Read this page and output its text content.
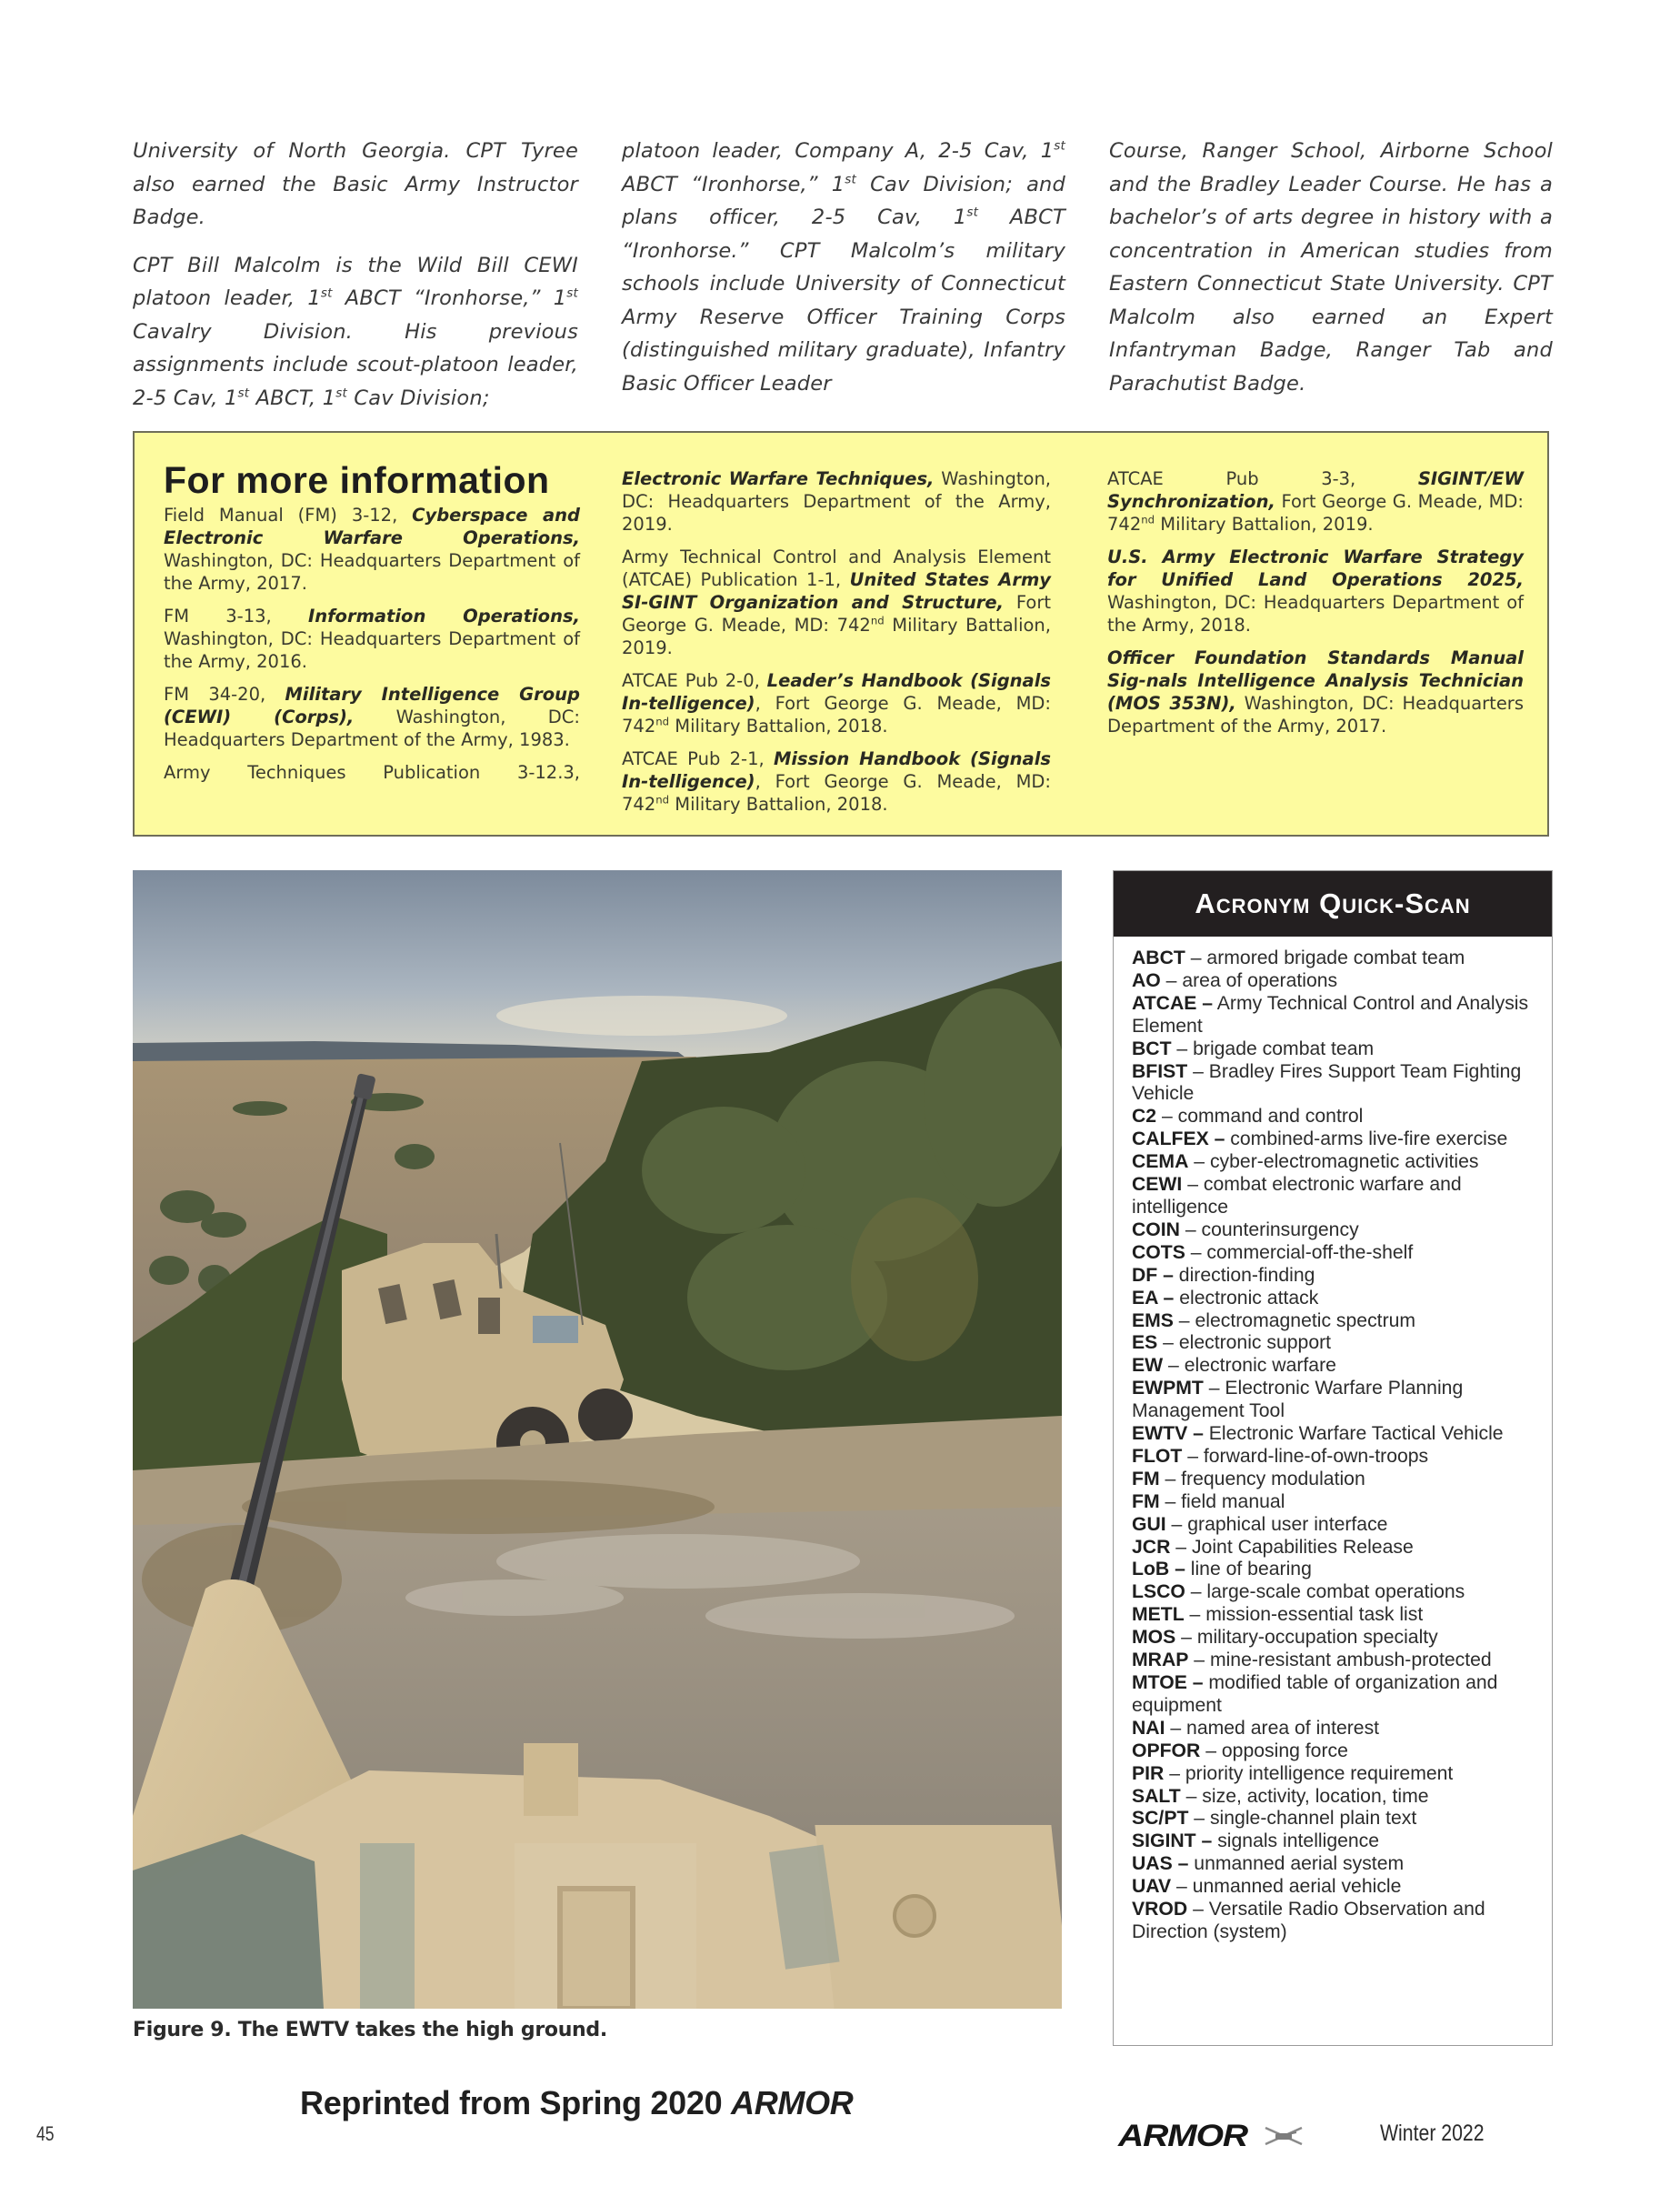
University of North Georgia. CPT Tyree also earned the Basic Army Instructor Badge.

CPT Bill Malcolm is the Wild Bill CEWI platoon leader, 1st ABCT “Ironhorse,” 1st Cavalry Division. His previous assignments include scout-platoon leader, 2-5 Cav, 1st ABCT, 1st Cav Division;

platoon leader, Company A, 2-5 Cav, 1st ABCT “Ironhorse,” 1st Cav Division; and plans officer, 2-5 Cav, 1st ABCT “Ironhorse.” CPT Malcolm’s military schools include University of Connecticut Army Reserve Officer Training Corps (distinguished military graduate), Infantry Basic Officer Leader

Course, Ranger School, Airborne School and the Bradley Leader Course. He has a bachelor’s of arts degree in history with a concentration in American studies from Eastern Connecticut State University. CPT Malcolm also earned an Expert Infantryman Badge, Ranger Tab and Parachutist Badge.

For more information

Field Manual (FM) 3-12, Cyberspace and Electronic Warfare Operations, Washington, DC: Headquarters Department of the Army, 2017.

FM 3-13, Information Operations, Washington, DC: Headquarters Department of the Army, 2016.

FM 34-20, Military Intelligence Group (CEWI) (Corps), Washington, DC: Headquarters Department of the Army, 1983.

Army Techniques Publication 3-12.3,

Electronic Warfare Techniques, Washington, DC: Headquarters Department of the Army, 2019.

Army Technical Control and Analysis Element (ATCAE) Publication 1-1, United States Army SI-GINT Organization and Structure, Fort George G. Meade, MD: 742nd Military Battalion, 2019.

ATCAE Pub 2-0, Leader’s Handbook (Signals In-telligence), Fort George G. Meade, MD: 742nd Military Battalion, 2018.

ATCAE Pub 2-1, Mission Handbook (Signals In-telligence), Fort George G. Meade, MD: 742nd Military Battalion, 2018.

ATCAE Pub 3-3, SIGINT/EW Synchronization, Fort George G. Meade, MD: 742nd Military Battalion, 2019.

U.S. Army Electronic Warfare Strategy for Unified Land Operations 2025, Washington, DC: Headquarters Department of the Army, 2018.

Officer Foundation Standards Manual Sig-nals Intelligence Analysis Technician (MOS 353N), Washington, DC: Headquarters Department of the Army, 2017.

Figure 9. The EWTV takes the high ground.
Acronym Quick-Scan
ABCT – armored brigade combat team
AO – area of operations
ATCAE – Army Technical Control and Analysis Element
BCT – brigade combat team
BFIST – Bradley Fires Support Team Fighting Vehicle
C2 – command and control
CALFEX – combined-arms live-fire exercise
CEMA – cyber-electromagnetic activities
CEWI – combat electronic warfare and intelligence
COIN – counterinsurgency
COTS – commercial-off-the-shelf
DF – direction-finding
EA – electronic attack
EMS – electromagnetic spectrum
ES – electronic support
EW – electronic warfare
EWPMT – Electronic Warfare Planning Management Tool
EWTV – Electronic Warfare Tactical Vehicle
FLOT – forward-line-of-own-troops
FM – frequency modulation
FM – field manual
GUI – graphical user interface
JCR – Joint Capabilities Release
LoB – line of bearing
LSCO – large-scale combat operations
METL – mission-essential task list
MOS – military-occupation specialty
MRAP – mine-resistant ambush-protected
MTOE – modified table of organization and equipment
NAI – named area of interest
OPFOR – opposing force
PIR – priority intelligence requirement
SALT – size, activity, location, time
SC/PT – single-channel plain text
SIGINT – signals intelligence
UAS – unmanned aerial system
UAV – unmanned aerial vehicle
VROD – Versatile Radio Observation and Direction (system)
Reprinted from Spring 2020 ARMOR
45	ARMOR	Winter 2022
